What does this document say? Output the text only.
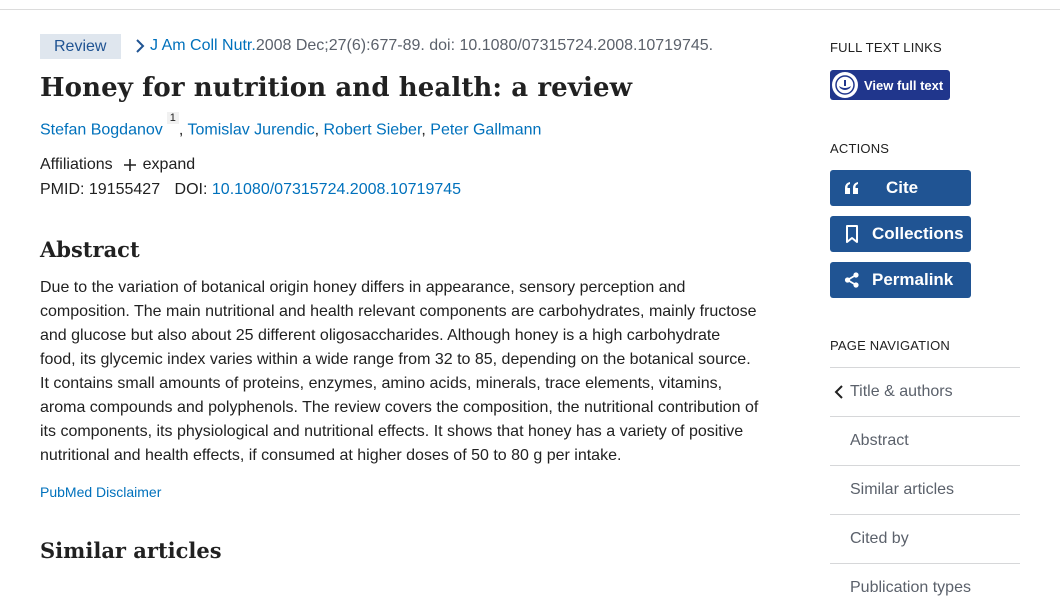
Review	J Am Coll Nutr. 2008 Dec;27(6):677-89. doi: 10.1080/07315724.2008.10719745.
Honey for nutrition and health: a review
Stefan Bogdanov$^1$, Tomislav Jurendic, Robert Sieber, Peter Gallmann
Affiliations expand
PMID: 19155427 DOI: 10.1080/07315724.2008.10719745
Abstract

Due to the variation of botanical origin honey differs in appearance, sensory perception and composition. The main nutritional and health relevant components are carbohydrates, mainly fructose and glucose but also about 25 different oligosaccharides. Although honey is a high carbohydrate food, its glycemic index varies within a wide range from 32 to 85, depending on the botanical source. It contains small amounts of proteins, enzymes, amino acids, minerals, trace elements, vitamins, aroma compounds and polyphenols. The review covers the composition, the nutritional contribution of its components, its physiological and nutritional effects. It shows that honey has a variety of positive nutritional and health effects, if consumed at higher doses of 50 to 80 g per intake.

PubMed Disclaimer
Similar articles
FULL TEXT LINKS
View full text
ACTIONS
Cite
Collections
Permalink
PAGE NAVIGATION
Title & authors
Abstract
Similar articles
Cited by
Publication types
